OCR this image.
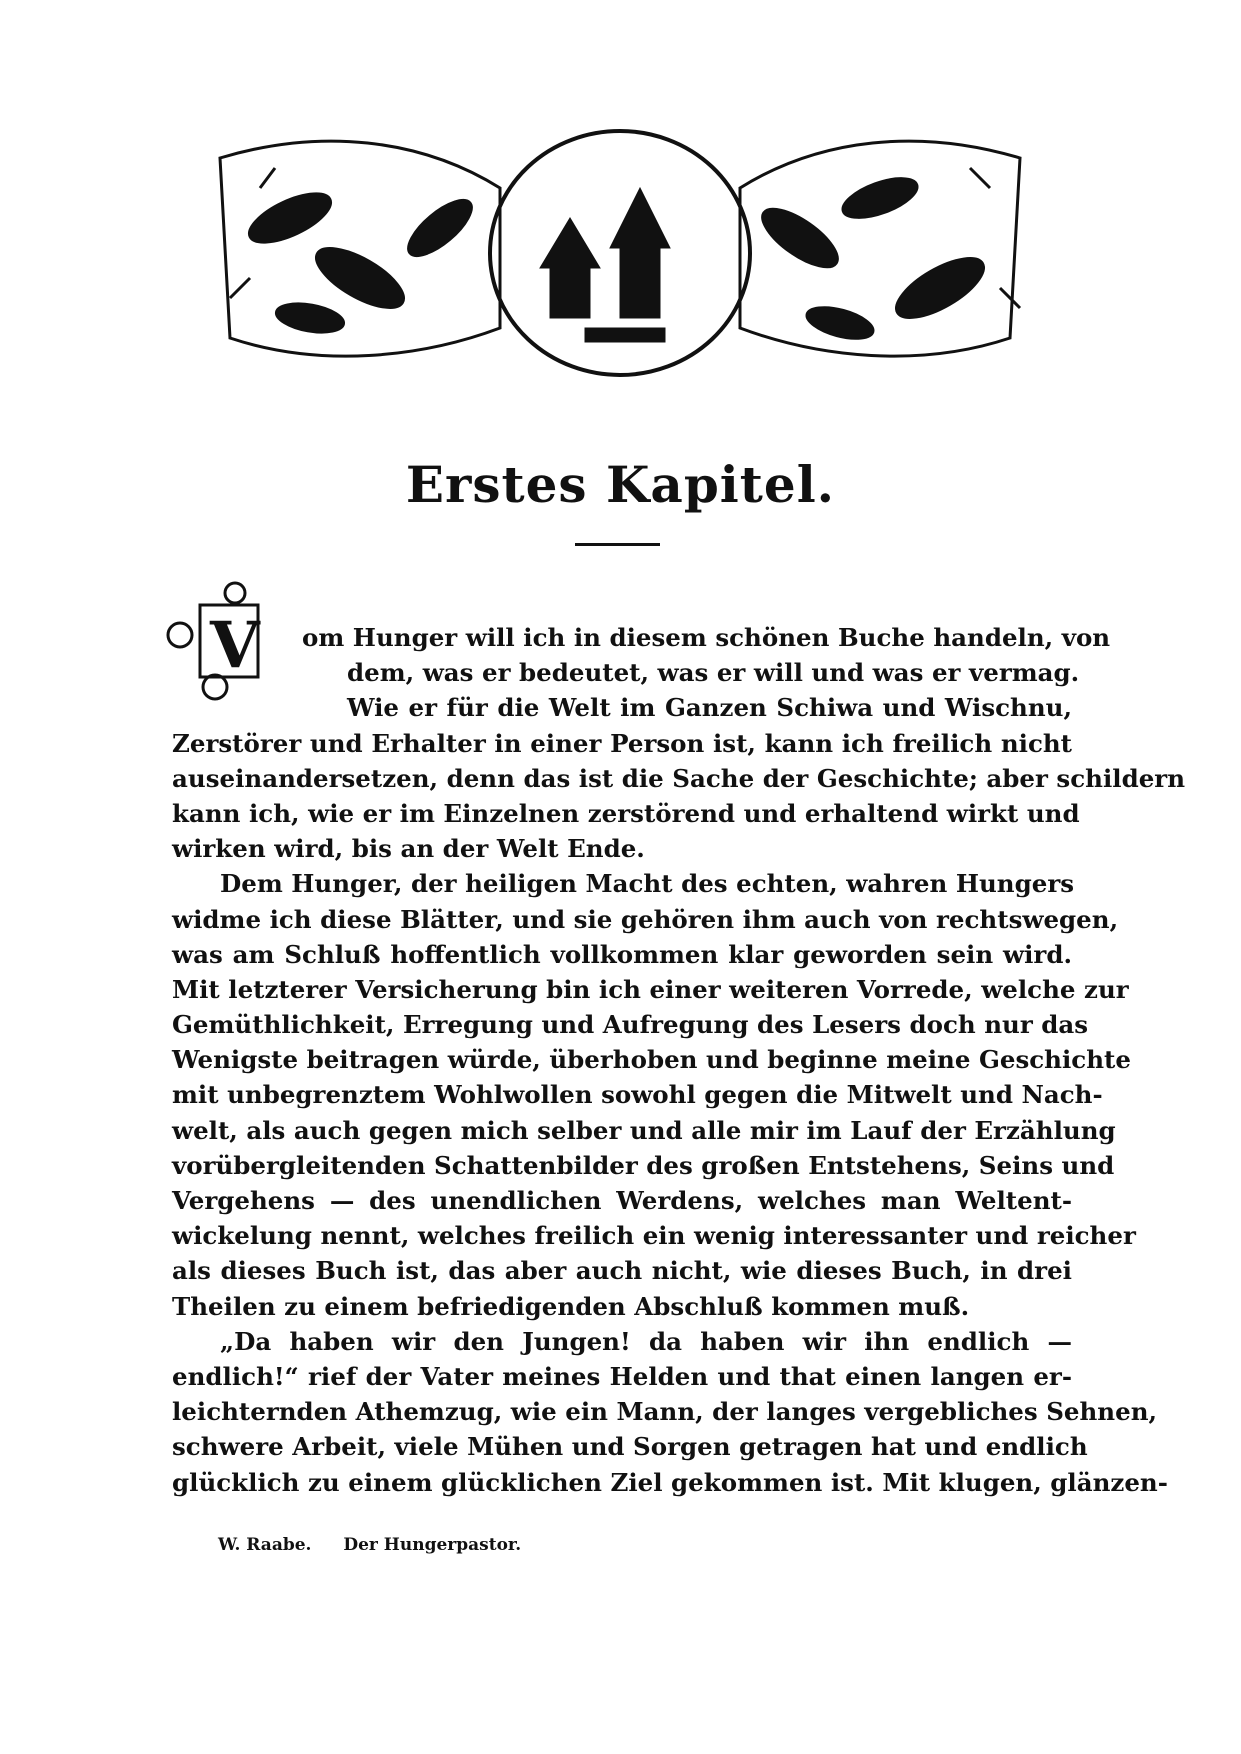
Erstes Kapitel.
V	om Hunger will ich in diesem schönen Buche handeln, von
dem, was er bedeutet, was er will und was er vermag.
Wie er für die Welt im Ganzen Schiwa und Wischnu,
Zerstörer und Erhalter in einer Person ist, kann ich freilich nicht
auseinandersetzen, denn das ist die Sache der Geschichte; aber schildern
kann ich, wie er im Einzelnen zerstörend und erhaltend wirkt und
wirken wird, bis an der Welt Ende.
Dem Hunger, der heiligen Macht des echten, wahren Hungers
widme ich diese Blätter, und sie gehören ihm auch von rechtswegen,
was am Schluß hoffentlich vollkommen klar geworden sein wird.
Mit letzterer Versicherung bin ich einer weiteren Vorrede, welche zur
Gemüthlichkeit, Erregung und Aufregung des Lesers doch nur das
Wenigste beitragen würde, überhoben und beginne meine Geschichte
mit unbegrenztem Wohlwollen sowohl gegen die Mitwelt und Nach-
welt, als auch gegen mich selber und alle mir im Lauf der Erzählung
vorübergleitenden Schattenbilder des großen Entstehens, Seins und
Vergehens — des unendlichen Werdens, welches man Weltent-
wickelung nennt, welches freilich ein wenig interessanter und reicher
als dieses Buch ist, das aber auch nicht, wie dieses Buch, in drei
Theilen zu einem befriedigenden Abschluß kommen muß.
„Da haben wir den Jungen! da haben wir ihn endlich —
endlich!“ rief der Vater meines Helden und that einen langen er-
leichternden Athemzug, wie ein Mann, der langes vergebliches Sehnen,
schwere Arbeit, viele Mühen und Sorgen getragen hat und endlich
glücklich zu einem glücklichen Ziel gekommen ist. Mit klugen, glänzen-
W. Raabe. Der Hungerpastor.
